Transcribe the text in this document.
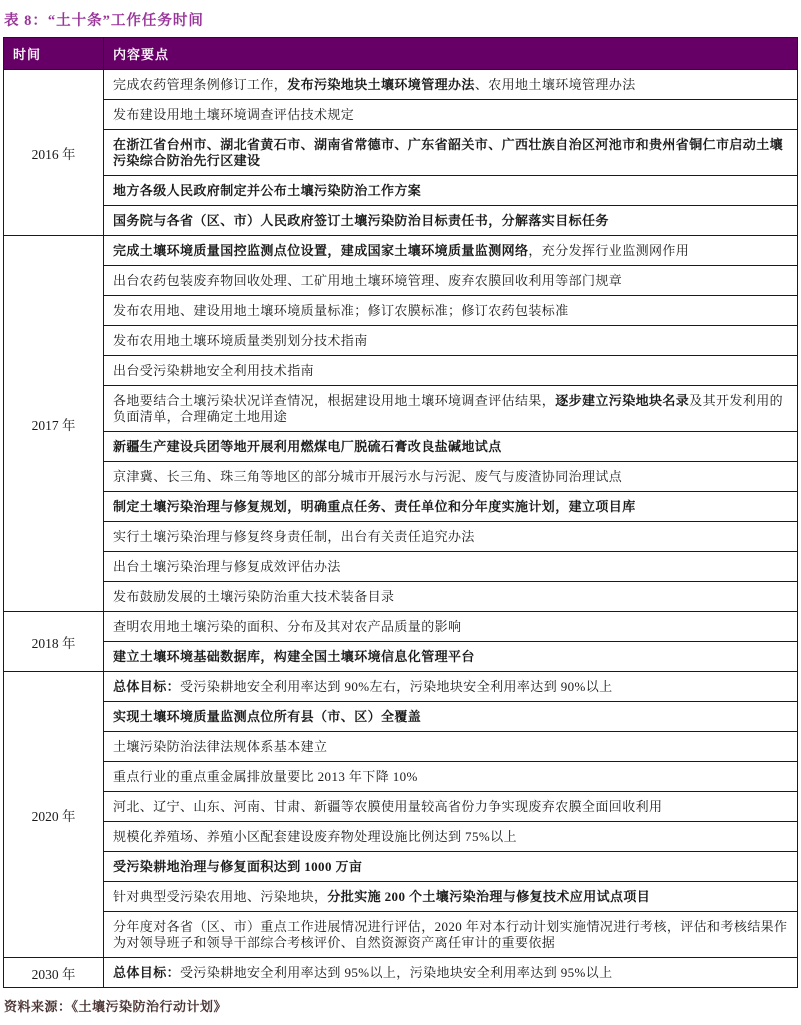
表 8：“土十条”工作任务时间
时间	内容要点
2016 年	完成农药管理条例修订工作，发布污染地块土壤环境管理办法、农用地土壤环境管理办法
	发布建设用地土壤环境调查评估技术规定
	在浙江省台州市、湖北省黄石市、湖南省常德市、广东省韶关市、广西壮族自治区河池市和贵州省铜仁市启动土壤污染综合防治先行区建设
	地方各级人民政府制定并公布土壤污染防治工作方案
	国务院与各省（区、市）人民政府签订土壤污染防治目标责任书，分解落实目标任务
2017 年	完成土壤环境质量国控监测点位设置，建成国家土壤环境质量监测网络，充分发挥行业监测网作用
	出台农药包装废弃物回收处理、工矿用地土壤环境管理、废弃农膜回收利用等部门规章
	发布农用地、建设用地土壤环境质量标准；修订农膜标准；修订农药包装标准
	发布农用地土壤环境质量类别划分技术指南
	出台受污染耕地安全利用技术指南
	各地要结合土壤污染状况详查情况，根据建设用地土壤环境调查评估结果，逐步建立污染地块名录及其开发利用的负面清单，合理确定土地用途
	新疆生产建设兵团等地开展利用燃煤电厂脱硫石膏改良盐碱地试点
	京津冀、长三角、珠三角等地区的部分城市开展污水与污泥、废气与废渣协同治理试点
	制定土壤污染治理与修复规划，明确重点任务、责任单位和分年度实施计划，建立项目库
	实行土壤污染治理与修复终身责任制，出台有关责任追究办法
	出台土壤污染治理与修复成效评估办法
	发布鼓励发展的土壤污染防治重大技术装备目录
2018 年	查明农用地土壤污染的面积、分布及其对农产品质量的影响
	建立土壤环境基础数据库，构建全国土壤环境信息化管理平台
2020 年	总体目标：受污染耕地安全利用率达到 90%左右，污染地块安全利用率达到 90%以上
	实现土壤环境质量监测点位所有县（市、区）全覆盖
	土壤污染防治法律法规体系基本建立
	重点行业的重点重金属排放量要比 2013 年下降 10%
	河北、辽宁、山东、河南、甘肃、新疆等农膜使用量较高省份力争实现废弃农膜全面回收利用
	规模化养殖场、养殖小区配套建设废弃物处理设施比例达到 75%以上
	受污染耕地治理与修复面积达到 1000 万亩
	针对典型受污染农用地、污染地块，分批实施 200 个土壤污染治理与修复技术应用试点项目
	分年度对各省（区、市）重点工作进展情况进行评估，2020 年对本行动计划实施情况进行考核，评估和考核结果作为对领导班子和领导干部综合考核评价、自然资源资产离任审计的重要依据
2030 年	总体目标：受污染耕地安全利用率达到 95%以上，污染地块安全利用率达到 95%以上
资料来源：《土壤污染防治行动计划》
